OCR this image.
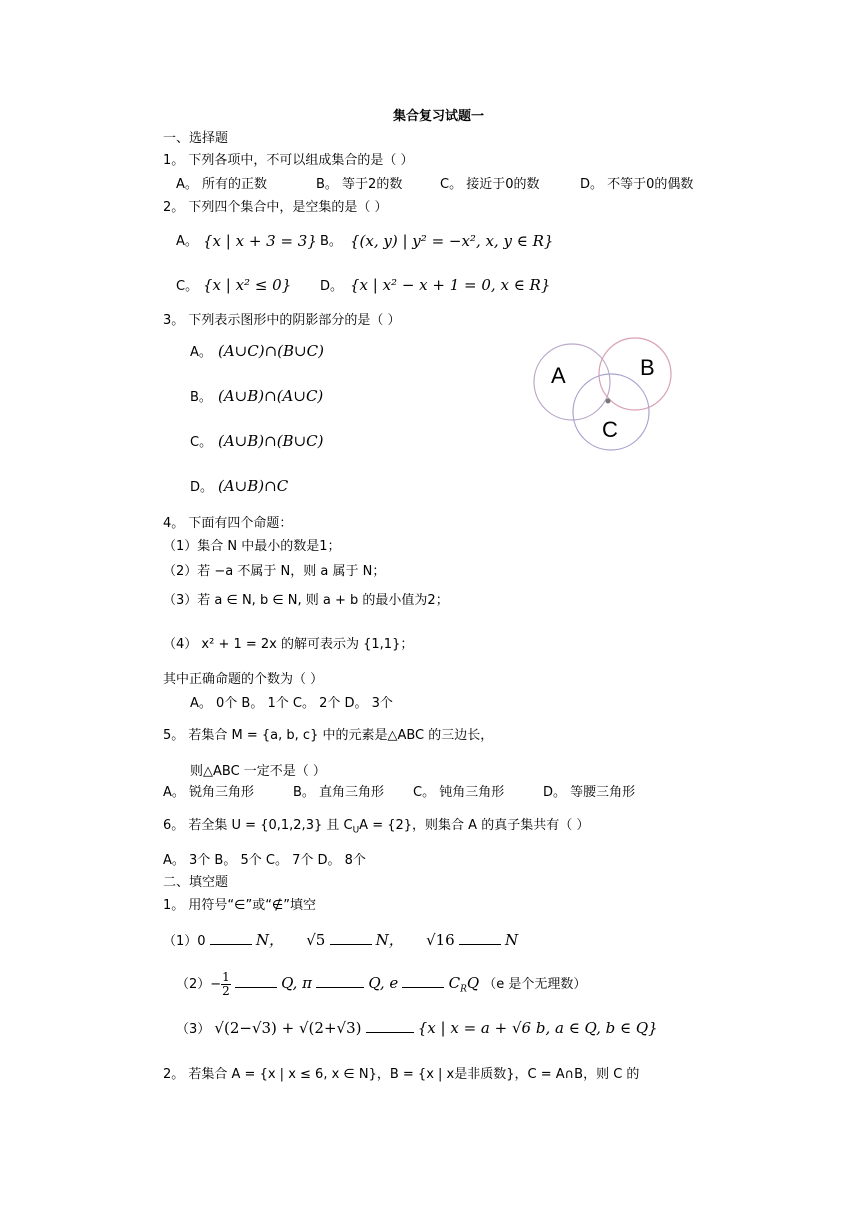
集合复习试题一
一、选择题
1。 下列各项中，不可以组成集合的是（ ）
A。 所有的正数	B。 等于2的数	C。 接近于0的数	D。 不等于0的偶数
2。 下列四个集合中，是空集的是（ ）
A。 {x | x + 3 = 3} B。 {(x, y) | y² = −x², x, y ∈ R}
C。 {x | x² ≤ 0} D。 {x | x² − x + 1 = 0, x ∈ R}
3。 下列表示图形中的阴影部分的是（ ）
A。 (A∪C)∩(B∪C)
B。 (A∪B)∩(A∪C)
C。 (A∪B)∩(B∪C)
D。 (A∪B)∩C
A	B
C
4。 下面有四个命题：
（1）集合 N 中最小的数是1；
（2）若 −a 不属于 N，则 a 属于 N；
（3）若 a ∈ N, b ∈ N, 则 a + b 的最小值为2；
（4） x² + 1 = 2x 的解可表示为 {1,1}；
其中正确命题的个数为（ ）
A。 0个 B。 1个 C。 2个 D。 3个
5。 若集合 M = {a, b, c} 中的元素是△ABC 的三边长，
则△ABC 一定不是（ ）
A。 锐角三角形	B。 直角三角形 C。 钝角三角形	D。 等腰三角形
6。 若全集 U = {0,1,2,3} 且 $C_UA = \{2\}$，则集合 A 的真子集共有（ ）
A。 3个 B。 5个 C。 7个 D。 8个
二、填空题
1。 用符号“∈”或“∉”填空
（1）0	N， √5	N， √16	N
$(2)- \frac{1}{2}$	Q, π	Q, e	$C_RQ$ （e 是个无理数）
（3） √(2−√3) + √(2+√3)	{x | x = a + √6 b, a ∈ Q, b ∈ Q}
2。 若集合 A = {x | x ≤ 6, x ∈ N}，B = {x | x是非质数}，C = A∩B，则 C 的
